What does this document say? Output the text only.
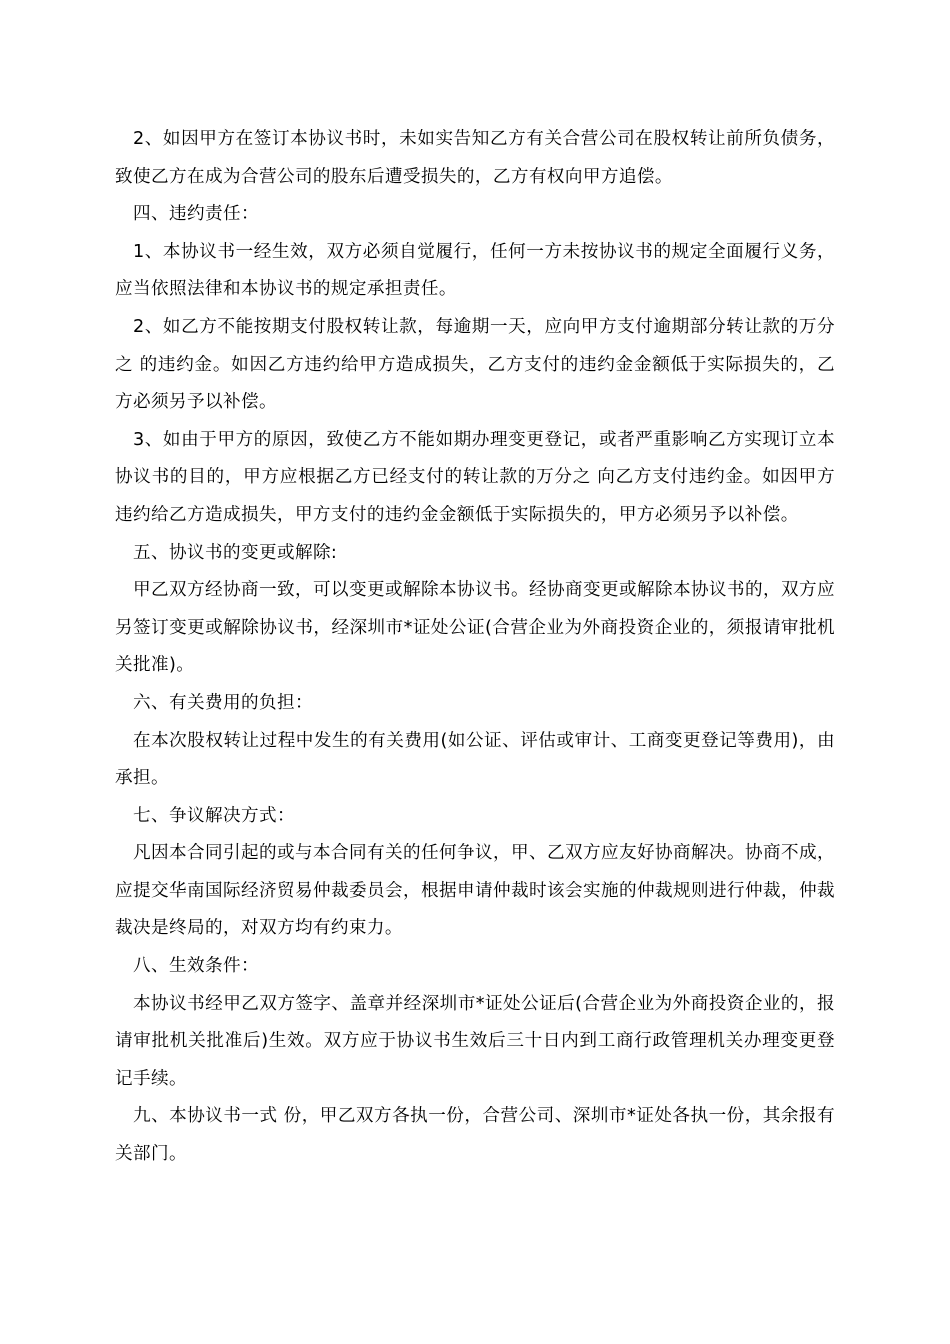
2、如因甲方在签订本协议书时，未如实告知乙方有关合营公司在股权转让前所负债务，致使乙方在成为合营公司的股东后遭受损失的，乙方有权向甲方追偿。

四、违约责任：

1、本协议书一经生效，双方必须自觉履行，任何一方未按协议书的规定全面履行义务，应当依照法律和本协议书的规定承担责任。

2、如乙方不能按期支付股权转让款，每逾期一天，应向甲方支付逾期部分转让款的万分之 的违约金。如因乙方违约给甲方造成损失，乙方支付的违约金金额低于实际损失的，乙方必须另予以补偿。

3、如由于甲方的原因，致使乙方不能如期办理变更登记，或者严重影响乙方实现订立本协议书的目的，甲方应根据乙方已经支付的转让款的万分之 向乙方支付违约金。如因甲方违约给乙方造成损失，甲方支付的违约金金额低于实际损失的，甲方必须另予以补偿。

五、协议书的变更或解除:

甲乙双方经协商一致，可以变更或解除本协议书。经协商变更或解除本协议书的，双方应另签订变更或解除协议书，经深圳市*证处公证(合营企业为外商投资企业的，须报请审批机关批准)。

六、有关费用的负担：

在本次股权转让过程中发生的有关费用(如公证、评估或审计、工商变更登记等费用)，由  承担。

七、争议解决方式：

凡因本合同引起的或与本合同有关的任何争议，甲、乙双方应友好协商解决。协商不成，应提交华南国际经济贸易仲裁委员会，根据申请仲裁时该会实施的仲裁规则进行仲裁，仲裁裁决是终局的，对双方均有约束力。

八、生效条件：

本协议书经甲乙双方签字、盖章并经深圳市*证处公证后(合营企业为外商投资企业的，报请审批机关批准后)生效。双方应于协议书生效后三十日内到工商行政管理机关办理变更登记手续。

九、本协议书一式 份，甲乙双方各执一份，合营公司、深圳市*证处各执一份，其余报有关部门。
